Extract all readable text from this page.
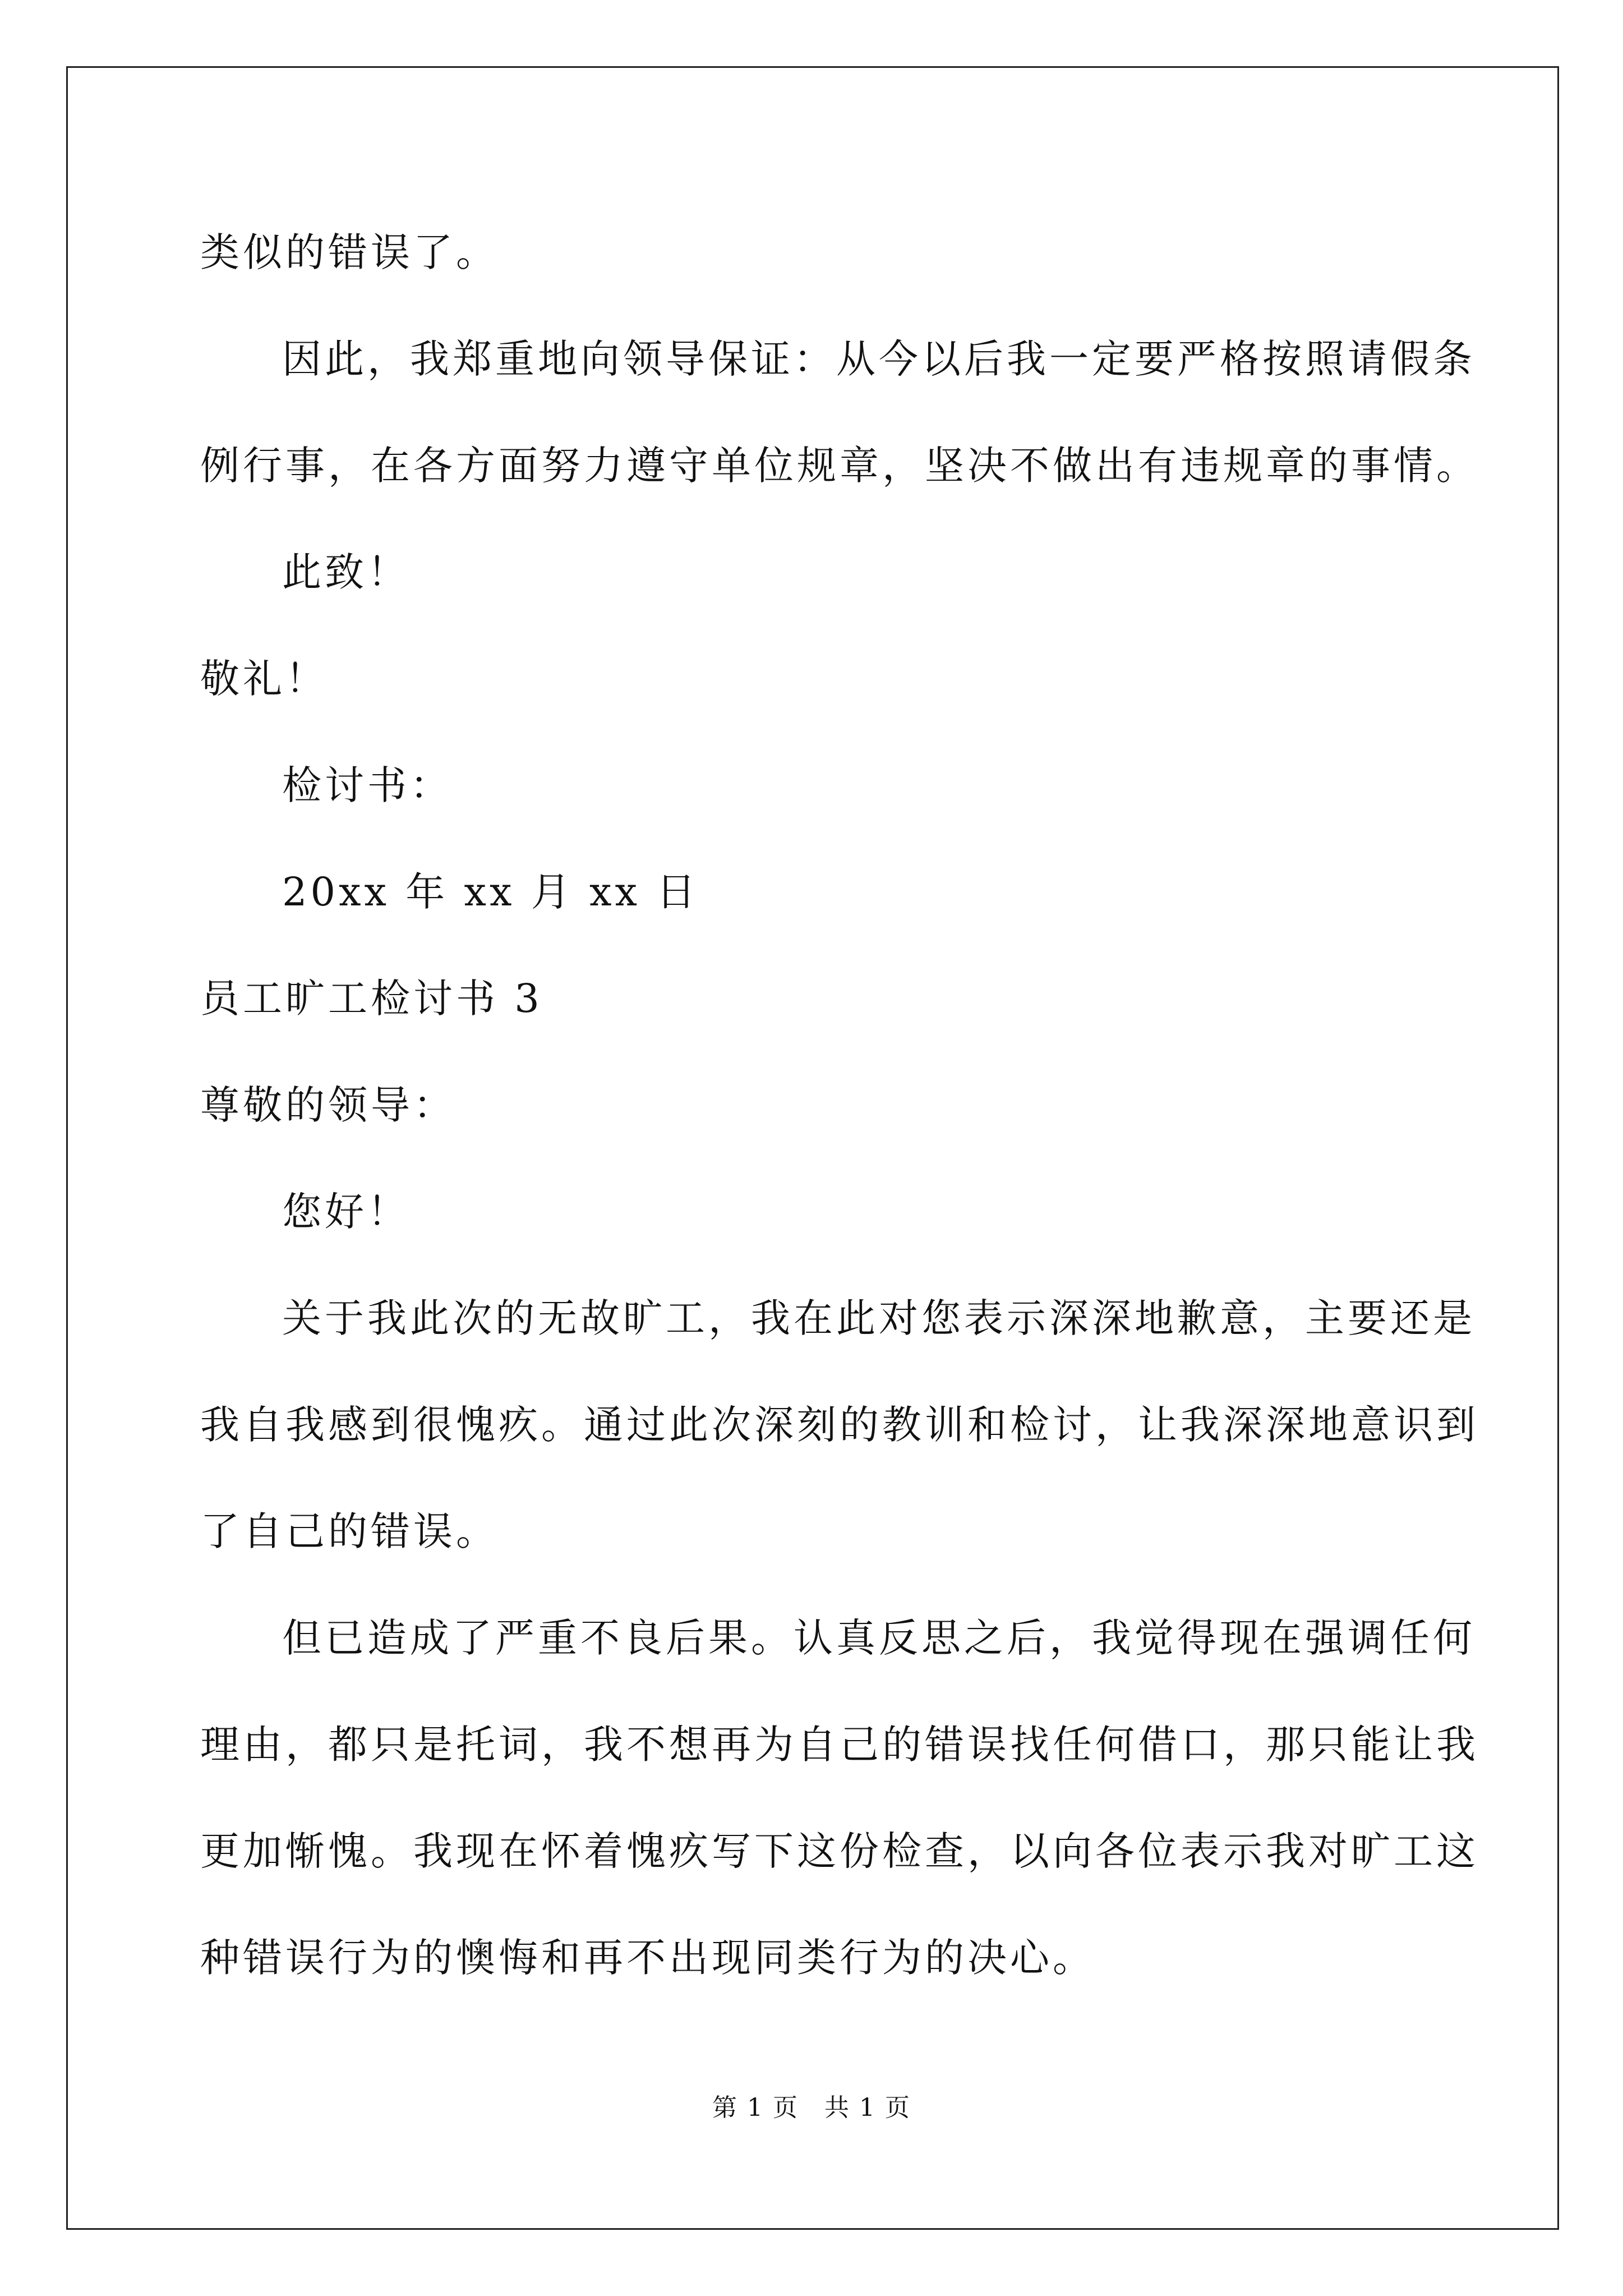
类似的错误了。
因此，我郑重地向领导保证：从今以后我一定要严格按照请假条
例行事，在各方面努力遵守单位规章，坚决不做出有违规章的事情。
此致！
敬礼！
检讨书：
20xx 年 xx 月 xx 日
员工旷工检讨书 3
尊敬的领导：
您好！
关于我此次的无故旷工，我在此对您表示深深地歉意，主要还是
我自我感到很愧疚。通过此次深刻的教训和检讨，让我深深地意识到
了自己的错误。
但已造成了严重不良后果。认真反思之后，我觉得现在强调任何
理由，都只是托词，我不想再为自己的错误找任何借口，那只能让我
更加惭愧。我现在怀着愧疚写下这份检查，以向各位表示我对旷工这
种错误行为的懊悔和再不出现同类行为的决心。
第 1 页　共 1 页
